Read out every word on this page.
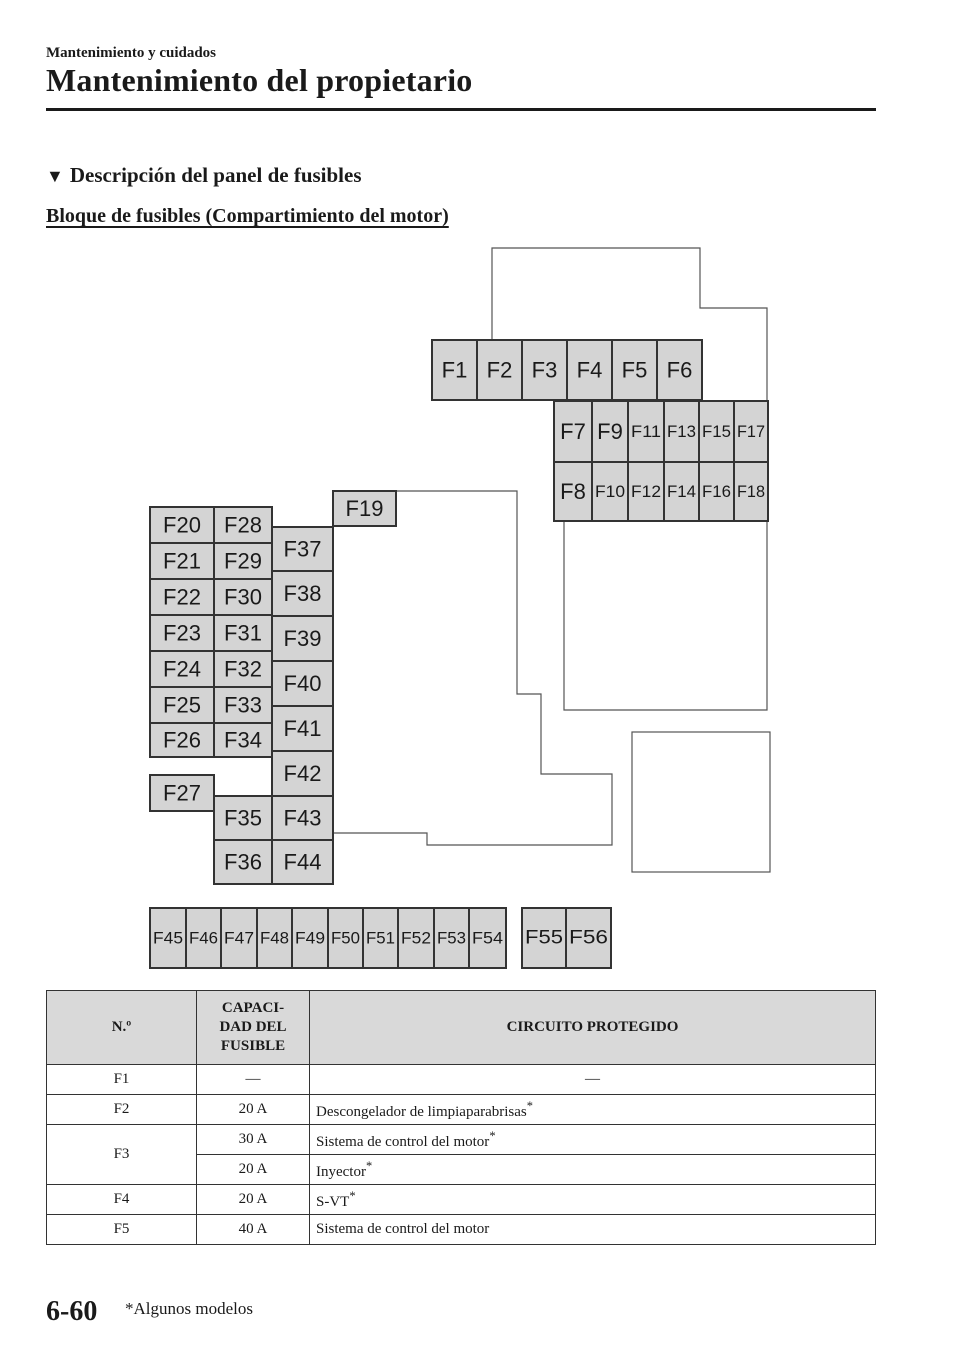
Mantenimiento y cuidados
Mantenimiento del propietario
▼ Descripción del panel de fusibles
Bloque de fusibles (Compartimiento del motor)
F1 F2 F3 F4 F5 F6
F7 F9 F11 F13 F15 F17
F8 F10 F12 F14 F16 F18
F19
F20
F21
F22
F23
F24
F25
F26
F28
F29
F30
F31
F32
F33
F34
F27
F35
F36
F37
F38
F39
F40
F41
F42
F43
F44
F45 F46 F47 F48 F49 F50 F51 F52 F53 F54 F55 F56
N.º	CAPACI-
DAD DEL
FUSIBLE	CIRCUITO PROTEGIDO
F1	—	—
F2	20 A	Descongelador de limpiaparabrisas*
F3	30 A	Sistema de control del motor*
	20 A	Inyector*
F4	20 A	S-VT*
F5	40 A	Sistema de control del motor
6-60 *Algunos modelos
